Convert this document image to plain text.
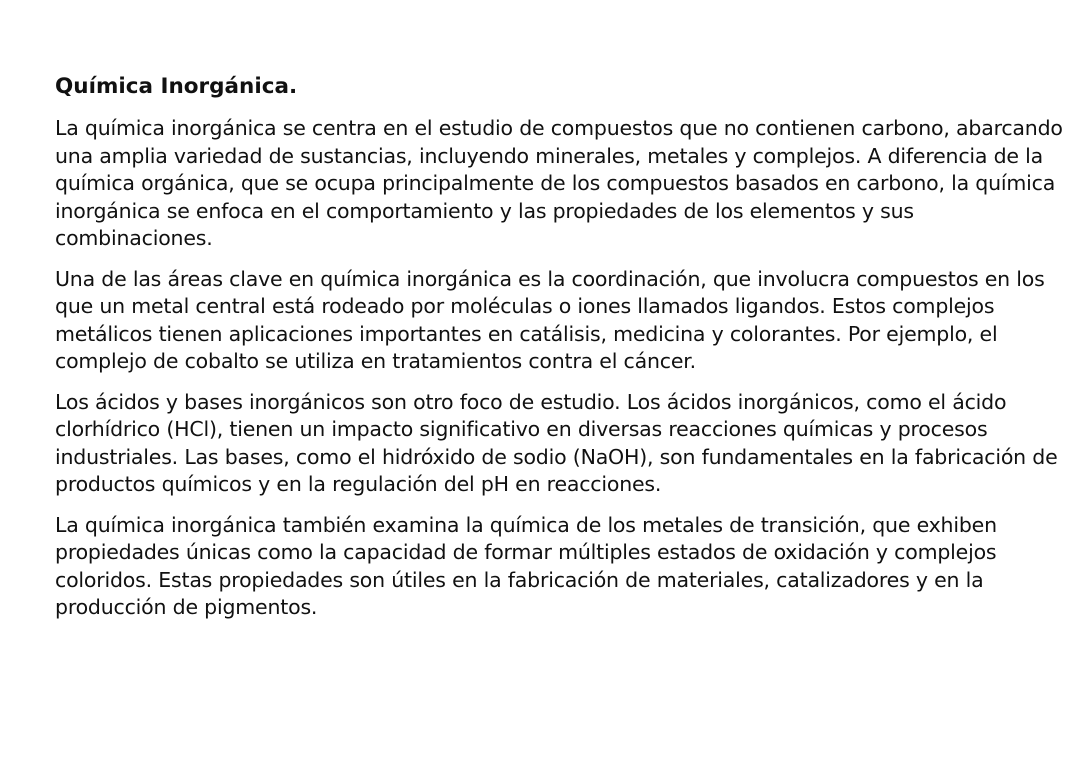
Química Inorgánica.

La química inorgánica se centra en el estudio de compuestos que no contienen carbono, abarcando una amplia variedad de sustancias, incluyendo minerales, metales y complejos. A diferencia de la química orgánica, que se ocupa principalmente de los compuestos basados en carbono, la química inorgánica se enfoca en el comportamiento y las propiedades de los elementos y sus combinaciones.

Una de las áreas clave en química inorgánica es la coordinación, que involucra compuestos en los que un metal central está rodeado por moléculas o iones llamados ligandos. Estos complejos metálicos tienen aplicaciones importantes en catálisis, medicina y colorantes. Por ejemplo, el complejo de cobalto se utiliza en tratamientos contra el cáncer.

Los ácidos y bases inorgánicos son otro foco de estudio. Los ácidos inorgánicos, como el ácido clorhídrico (HCl), tienen un impacto significativo en diversas reacciones químicas y procesos industriales. Las bases, como el hidróxido de sodio (NaOH), son fundamentales en la fabricación de productos químicos y en la regulación del pH en reacciones.

La química inorgánica también examina la química de los metales de transición, que exhiben propiedades únicas como la capacidad de formar múltiples estados de oxidación y complejos coloridos. Estas propiedades son útiles en la fabricación de materiales, catalizadores y en la producción de pigmentos.
